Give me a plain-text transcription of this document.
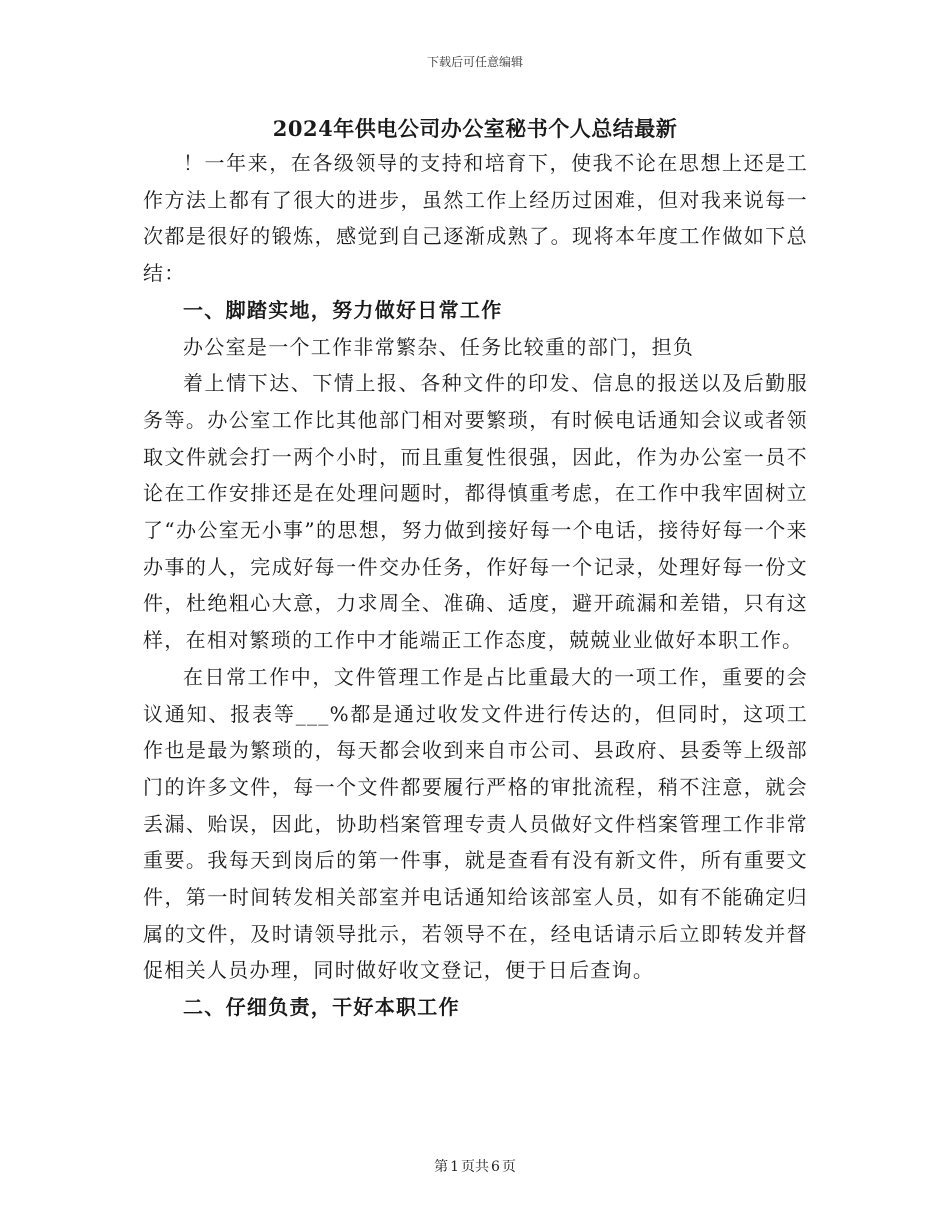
下载后可任意编辑
2024年供电公司办公室秘书个人总结最新

！一年来，在各级领导的支持和培育下，使我不论在思想上还是工作方法上都有了很大的进步，虽然工作上经历过困难，但对我来说每一次都是很好的锻炼，感觉到自己逐渐成熟了。现将本年度工作做如下总结：

一、脚踏实地，努力做好日常工作

办公室是一个工作非常繁杂、任务比较重的部门，担负

着上情下达、下情上报、各种文件的印发、信息的报送以及后勤服务等。办公室工作比其他部门相对要繁琐，有时候电话通知会议或者领取文件就会打一两个小时，而且重复性很强，因此，作为办公室一员不论在工作安排还是在处理问题时，都得慎重考虑，在工作中我牢固树立了“办公室无小事”的思想，努力做到接好每一个电话，接待好每一个来办事的人，完成好每一件交办任务，作好每一个记录，处理好每一份文件，杜绝粗心大意，力求周全、准确、适度，避开疏漏和差错，只有这样，在相对繁琐的工作中才能端正工作态度，兢兢业业做好本职工作。

在日常工作中，文件管理工作是占比重最大的一项工作，重要的会议通知、报表等___%都是通过收发文件进行传达的，但同时，这项工作也是最为繁琐的，每天都会收到来自市公司、县政府、县委等上级部门的许多文件，每一个文件都要履行严格的审批流程，稍不注意，就会丢漏、贻误，因此，协助档案管理专责人员做好文件档案管理工作非常重要。我每天到岗后的第一件事，就是查看有没有新文件，所有重要文件，第一时间转发相关部室并电话通知给该部室人员，如有不能确定归属的文件，及时请领导批示，若领导不在，经电话请示后立即转发并督促相关人员办理，同时做好收文登记，便于日后查询。

二、仔细负责，干好本职工作

第 1 页共 6 页
